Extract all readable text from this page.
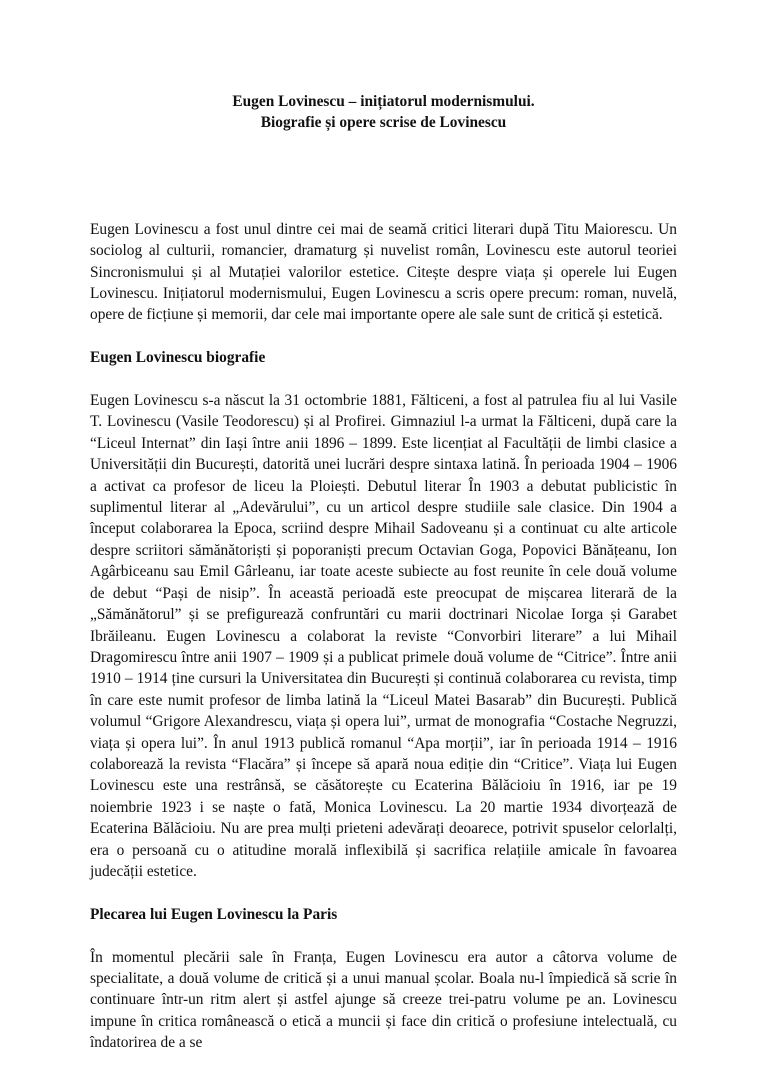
Eugen Lovinescu – inițiatorul modernismului.
Biografie și opere scrise de Lovinescu

Eugen Lovinescu a fost unul dintre cei mai de seamă critici literari după Titu Maiorescu. Un sociolog al culturii, romancier, dramaturg și nuvelist român, Lovinescu este autorul teoriei Sincronismului și al Mutației valorilor estetice. Citește despre viața și operele lui Eugen Lovinescu. Inițiatorul modernismului, Eugen Lovinescu a scris opere precum: roman, nuvelă, opere de ficțiune și memorii, dar cele mai importante opere ale sale sunt de critică și estetică.

Eugen Lovinescu biografie

Eugen Lovinescu s-a născut la 31 octombrie 1881, Fălticeni, a fost al patrulea fiu al lui Vasile T. Lovinescu (Vasile Teodorescu) și al Profirei. Gimnaziul l-a urmat la Fălticeni, după care la “Liceul Internat” din Iași între anii 1896 – 1899. Este licențiat al Facultății de limbi clasice a Universității din București, datorită unei lucrări despre sintaxa latină. În perioada 1904 – 1906 a activat ca profesor de liceu la Ploiești. Debutul literar În 1903 a debutat publicistic în suplimentul literar al „Adevărului”, cu un articol despre studiile sale clasice. Din 1904 a început colaborarea la Epoca, scriind despre Mihail Sadoveanu și a continuat cu alte articole despre scriitori sămănătoriști și poporaniști precum Octavian Goga, Popovici Bănățeanu, Ion Agârbiceanu sau Emil Gârleanu, iar toate aceste subiecte au fost reunite în cele două volume de debut “Pași de nisip”. În această perioadă este preocupat de mișcarea literară de la „Sămănătorul” și se prefigurează confruntări cu marii doctrinari Nicolae Iorga și Garabet Ibrăileanu. Eugen Lovinescu a colaborat la reviste “Convorbiri literare” a lui Mihail Dragomirescu între anii 1907 – 1909 și a publicat primele două volume de “Citrice”. Între anii 1910 – 1914 ține cursuri la Universitatea din București și continuă colaborarea cu revista, timp în care este numit profesor de limba latină la “Liceul Matei Basarab” din București. Publică volumul “Grigore Alexandrescu, viața și opera lui”, urmat de monografia “Costache Negruzzi, viața și opera lui”. În anul 1913 publică romanul “Apa morții”, iar în perioada 1914 – 1916 colaborează la revista “Flacăra” și începe să apară noua ediție din “Critice”. Viața lui Eugen Lovinescu este una restrânsă, se căsătorește cu Ecaterina Bălăcioiu în 1916, iar pe 19 noiembrie 1923 i se naște o fată, Monica Lovinescu. La 20 martie 1934 divorțează de Ecaterina Bălăcioiu. Nu are prea mulți prieteni adevărați deoarece, potrivit spuselor celorlalți, era o persoană cu o atitudine morală inflexibilă și sacrifica relațiile amicale în favoarea judecății estetice.

Plecarea lui Eugen Lovinescu la Paris

În momentul plecării sale în Franța, Eugen Lovinescu era autor a câtorva volume de specialitate, a două volume de critică și a unui manual școlar. Boala nu-l împiedică să scrie în continuare într-un ritm alert și astfel ajunge să creeze trei-patru volume pe an. Lovinescu impune în critica românească o etică a muncii și face din critică o profesiune intelectuală, cu îndatorirea de a se
